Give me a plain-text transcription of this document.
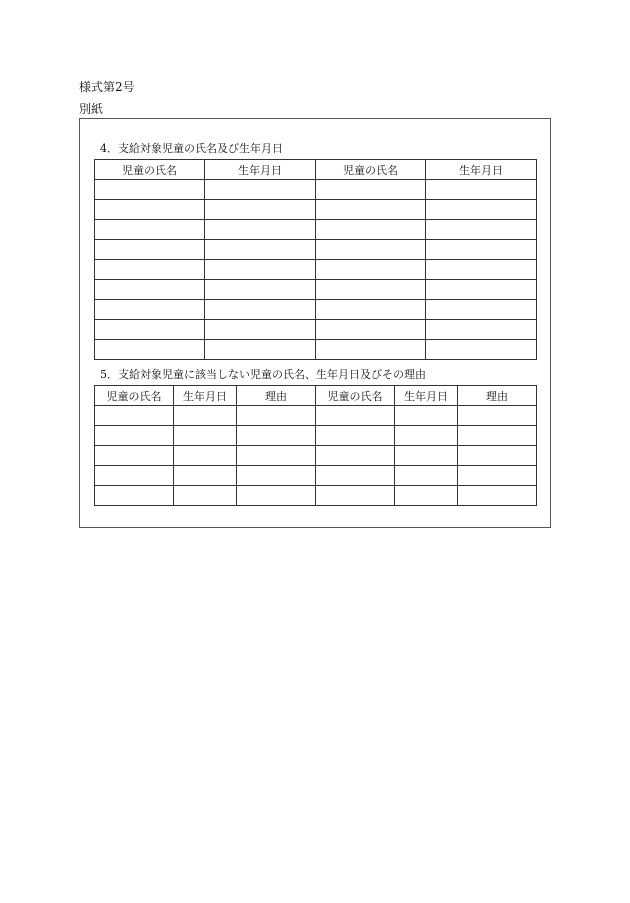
様式第2号
別紙
4．支給対象児童の氏名及び生年月日
児童の氏名	生年月日	児童の氏名	生年月日

5．支給対象児童に該当しない児童の氏名、生年月日及びその理由
児童の氏名	生年月日	理由	児童の氏名	生年月日	理由
